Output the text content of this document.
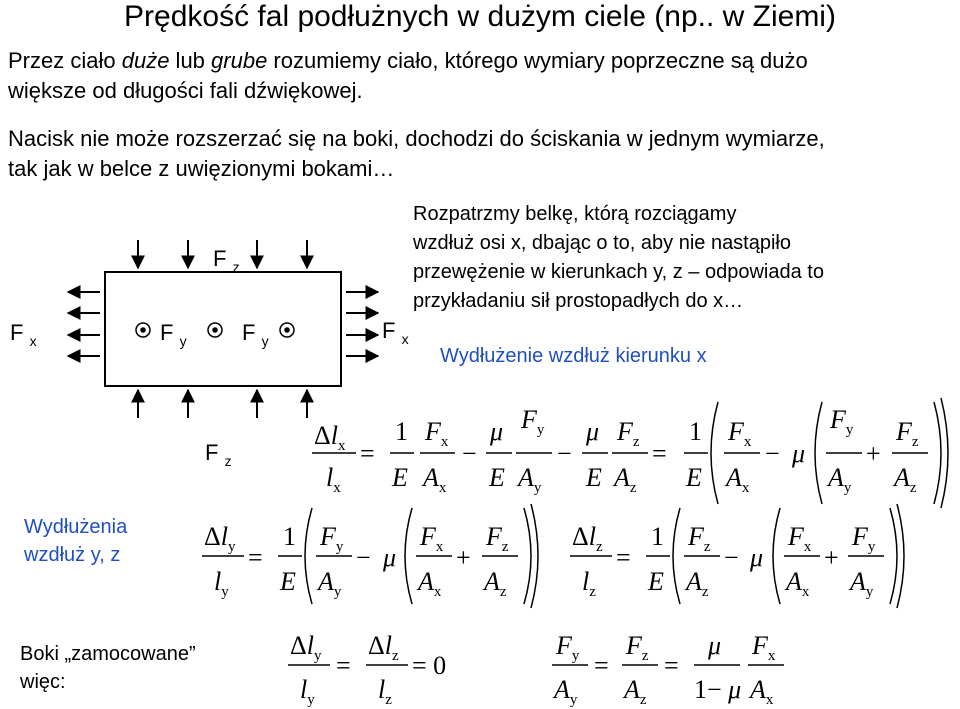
Prędkość fal podłużnych w dużym ciele (np.. w Ziemi)
Przez ciało duże lub grube rozumiemy ciało, którego wymiary poprzeczne są dużo
większe od długości fali dźwiękowej.
Nacisk nie może rozszerzać się na boki, dochodzi do ściskania w jednym wymiarze,
tak jak w belce z uwięzionymi bokami…
Rozpatrzmy belkę, którą rozciągamy
wzdłuż osi x, dbając o to, aby nie nastąpiło
przewężenie w kierunkach y, z – odpowiada to
przykładaniu sił prostopadłych do x…
Wydłużenie wzdłuż kierunku x
Wydłużenia
wzdłuż y, z
Boki „zamocowane”
więc:
F $_x$	F $_x$
F $_y$	F $_y$
F $_z$
F $_z$
$\Delta l_x$
$l_x$
=
1
E
$F_x$
$A_x$
−
μ
E
$F_y$
$A_y$
−
μ
E
$F_z$
$A_z$
=
1
E
$F_x$
$A_x$
− μ
$F_y$
$A_y$
+
$F_z$
$A_z$
$\Delta l_y$
$l_y$
=
1
E
$F_y$
$A_y$
− μ
$F_x$
$A_x$
+
$F_z$
$A_z$
$\Delta l_z$
$l_z$
=
1
E
$F_z$
$A_z$
− μ
$F_x$
$A_x$
+
$F_y$
$A_y$
$\Delta l_y$
$l_y$
=
$\Delta l_z$
$l_z$
= 0
$F_y$
$A_y$
=
$F_z$
$A_z$
=
μ
1− μ
$F_x$
$A_x$
